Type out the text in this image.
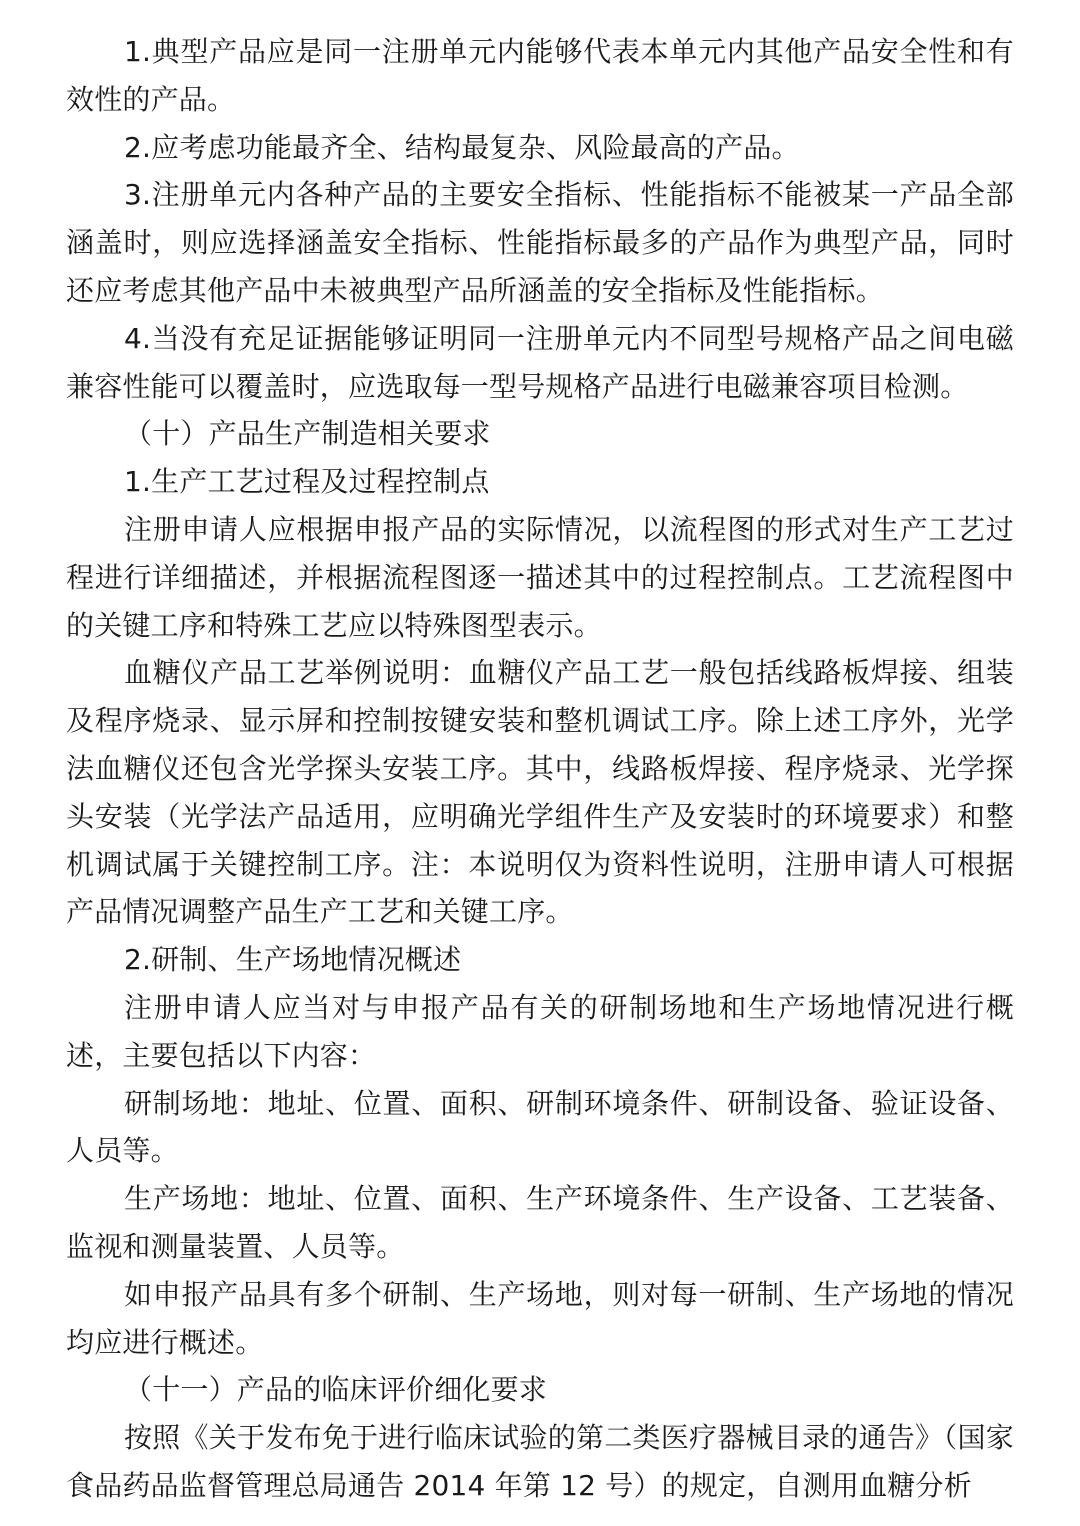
1.典型产品应是同一注册单元内能够代表本单元内其他产品安全性和有效性的产品。

2.应考虑功能最齐全、结构最复杂、风险最高的产品。

3.注册单元内各种产品的主要安全指标、性能指标不能被某一产品全部涵盖时，则应选择涵盖安全指标、性能指标最多的产品作为典型产品，同时还应考虑其他产品中未被典型产品所涵盖的安全指标及性能指标。

4.当没有充足证据能够证明同一注册单元内不同型号规格产品之间电磁兼容性能可以覆盖时，应选取每一型号规格产品进行电磁兼容项目检测。

（十）产品生产制造相关要求

1.生产工艺过程及过程控制点

注册申请人应根据申报产品的实际情况，以流程图的形式对生产工艺过程进行详细描述，并根据流程图逐一描述其中的过程控制点。工艺流程图中的关键工序和特殊工艺应以特殊图型表示。

血糖仪产品工艺举例说明：血糖仪产品工艺一般包括线路板焊接、组装及程序烧录、显示屏和控制按键安装和整机调试工序。除上述工序外，光学法血糖仪还包含光学探头安装工序。其中，线路板焊接、程序烧录、光学探头安装（光学法产品适用，应明确光学组件生产及安装时的环境要求）和整机调试属于关键控制工序。注：本说明仅为资料性说明，注册申请人可根据产品情况调整产品生产工艺和关键工序。

2.研制、生产场地情况概述

注册申请人应当对与申报产品有关的研制场地和生产场地情况进行概述，主要包括以下内容：

研制场地：地址、位置、面积、研制环境条件、研制设备、验证设备、人员等。

生产场地：地址、位置、面积、生产环境条件、生产设备、工艺装备、监视和测量装置、人员等。

如申报产品具有多个研制、生产场地，则对每一研制、生产场地的情况均应进行概述。

（十一）产品的临床评价细化要求

按照《关于发布免于进行临床试验的第二类医疗器械目录的通告》（国家食品药品监督管理总局通告 2014 年第 12 号）的规定，自测用血糖分析
